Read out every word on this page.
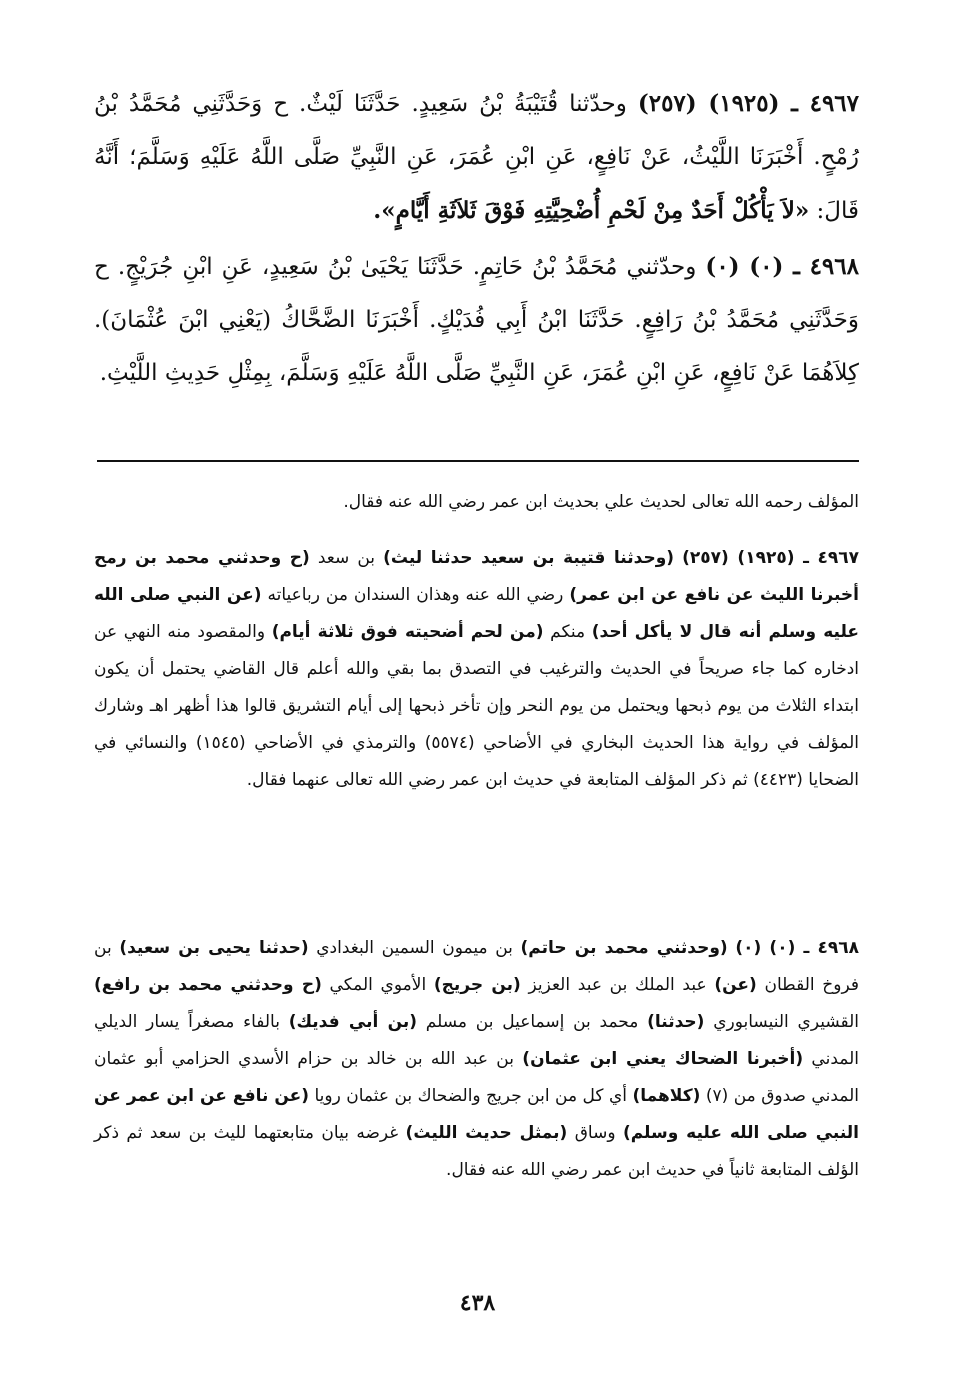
٤٩٦٧ ـ (١٩٢٥) (٢٥٧) وحدّثنا قُتَيْبَةُ بْنُ سَعِيدٍ. حَدَّثَنَا لَيْثٌ. ح وَحَدَّثَنِي مُحَمَّدُ بْنُ رُمْحٍ. أَخْبَرَنَا اللَّيْثُ، عَنْ نَافِعٍ، عَنِ ابْنِ عُمَرَ، عَنِ النَّبِيِّ صَلَّى اللَّهُ عَلَيْهِ وَسَلَّمَ؛ أَنَّهُ قَالَ: «لاَ يَأْكُلْ أَحَدٌ مِنْ لَحْمِ أُضْحِيَّتِهِ فَوْقَ ثَلاَثَةِ أَيَّامٍ».

٤٩٦٨ ـ (٠) (٠) وحدّثني مُحَمَّدُ بْنُ حَاتِمٍ. حَدَّثَنَا يَحْيَىٰ بْنُ سَعِيدٍ، عَنِ ابْنِ جُرَيْجٍ. ح وَحَدَّثَنِي مُحَمَّدُ بْنُ رَافِعٍ. حَدَّثَنَا ابْنُ أَبِي فُدَيْكٍ. أَخْبَرَنَا الضَّحَّاكُ (يَعْنِي ابْنَ عُثْمَانَ). كِلاَهُمَا عَنْ نَافِعٍ، عَنِ ابْنِ عُمَرَ، عَنِ النَّبِيِّ صَلَّى اللَّهُ عَلَيْهِ وَسَلَّمَ، بِمِثْلِ حَدِيثِ اللَّيْثِ.

المؤلف رحمه الله تعالى لحديث علي بحديث ابن عمر رضي الله عنه فقال.

٤٩٦٧ ـ (١٩٢٥) (٢٥٧) (وحدثنا قتيبة بن سعيد حدثنا ليث) بن سعد (ح وحدثني محمد بن رمح أخبرنا الليث عن نافع عن ابن عمر) رضي الله عنه وهذان السندان من رباعياته (عن النبي صلى الله عليه وسلم أنه قال لا يأكل أحد) منكم (من لحم أضحيته فوق ثلاثة أيام) والمقصود منه النهي عن ادخاره كما جاء صريحاً في الحديث والترغيب في التصدق بما بقي والله أعلم قال القاضي يحتمل أن يكون ابتداء الثلاث من يوم ذبحها ويحتمل من يوم النحر وإن تأخر ذبحها إلى أيام التشريق قالوا هذا أظهر اهـ وشارك المؤلف في رواية هذا الحديث البخاري في الأضاحي (٥٥٧٤) والترمذي في الأضاحي (١٥٤٥) والنسائي في الضحايا (٤٤٢٣) ثم ذكر المؤلف المتابعة في حديث ابن عمر رضي الله تعالى عنهما فقال.

٤٩٦٨ ـ (٠) (٠) (وحدثني محمد بن حاتم) بن ميمون السمين البغدادي (حدثنا يحيى بن سعيد) بن فروخ القطان (عن) عبد الملك بن عبد العزيز (بن جريج) الأموي المكي (ح وحدثني محمد بن رافع) القشيري النيسابوري (حدثنا) محمد بن إسماعيل بن مسلم (بن أبي فديك) بالفاء مصغراً يسار الديلي المدني (أخبرنا الضحاك يعني ابن عثمان) بن عبد الله بن خالد بن حزام الأسدي الحزامي أبو عثمان المدني صدوق من (٧) (كلاهما) أي كل من ابن جريج والضحاك بن عثمان رويا (عن نافع عن ابن عمر عن النبي صلى الله عليه وسلم) وساق (بمثل حديث الليث) غرضه بيان متابعتهما لليث بن سعد ثم ذكر الؤلف المتابعة ثانياً في حديث ابن عمر رضي الله عنه فقال.

٤٣٨
